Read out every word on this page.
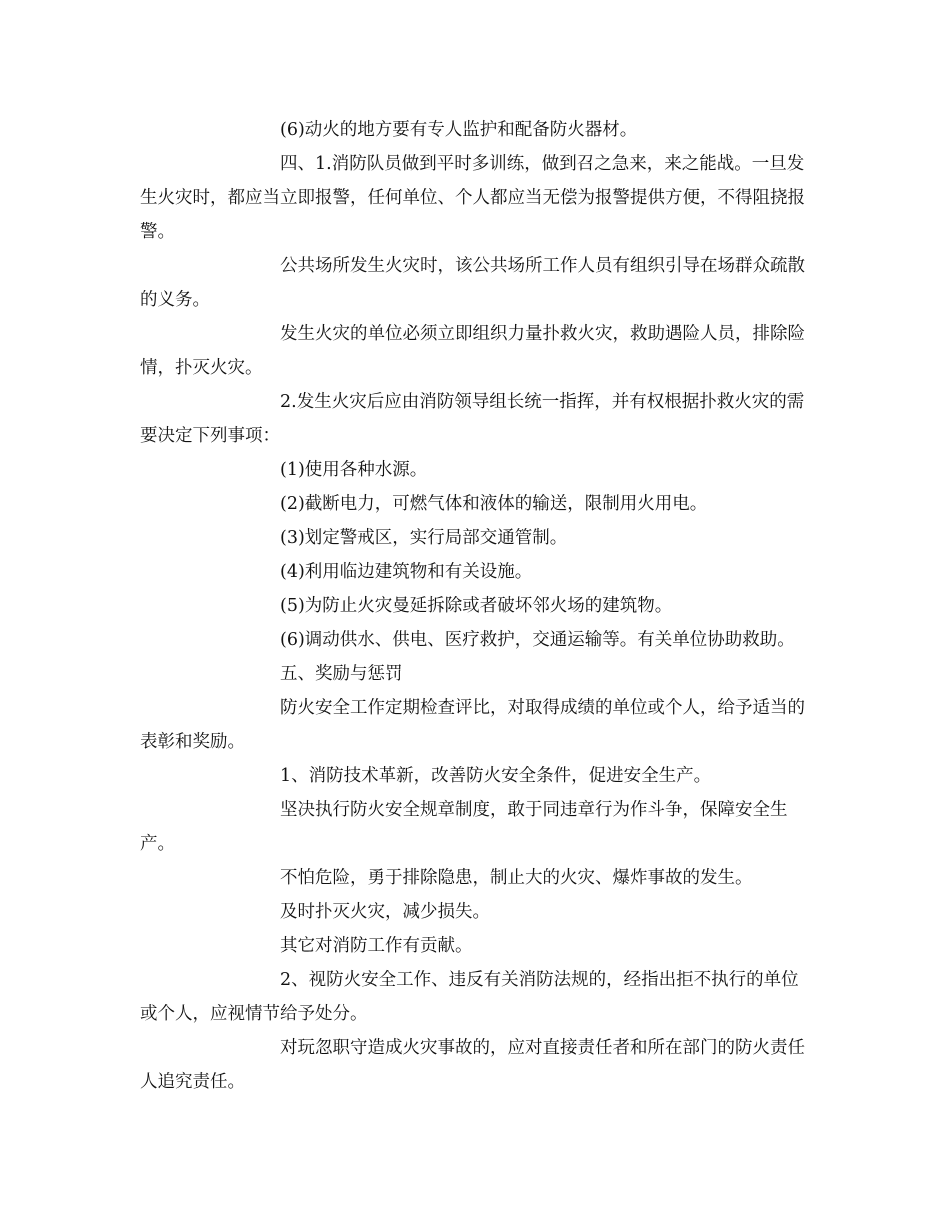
(6)动火的地方要有专人监护和配备防火器材。

四、1.消防队员做到平时多训练，做到召之急来，来之能战。一旦发生火灾时，都应当立即报警，任何单位、个人都应当无偿为报警提供方便，不得阻挠报警。

公共场所发生火灾时，该公共场所工作人员有组织引导在场群众疏散的义务。

发生火灾的单位必须立即组织力量扑救火灾，救助遇险人员，排除险情，扑灭火灾。

2.发生火灾后应由消防领导组长统一指挥，并有权根据扑救火灾的需要决定下列事项：

(1)使用各种水源。

(2)截断电力，可燃气体和液体的输送，限制用火用电。

(3)划定警戒区，实行局部交通管制。

(4)利用临边建筑物和有关设施。

(5)为防止火灾曼延拆除或者破坏邻火场的建筑物。

(6)调动供水、供电、医疗救护，交通运输等。有关单位协助救助。

五、奖励与惩罚

防火安全工作定期检查评比，对取得成绩的单位或个人，给予适当的表彰和奖励。

1、消防技术革新，改善防火安全条件，促进安全生产。

坚决执行防火安全规章制度，敢于同违章行为作斗争，保障安全生产。

不怕危险，勇于排除隐患，制止大的火灾、爆炸事故的发生。

及时扑灭火灾，减少损失。

其它对消防工作有贡献。

2、视防火安全工作、违反有关消防法规的，经指出拒不执行的单位或个人，应视情节给予处分。

对玩忽职守造成火灾事故的，应对直接责任者和所在部门的防火责任人追究责任。
